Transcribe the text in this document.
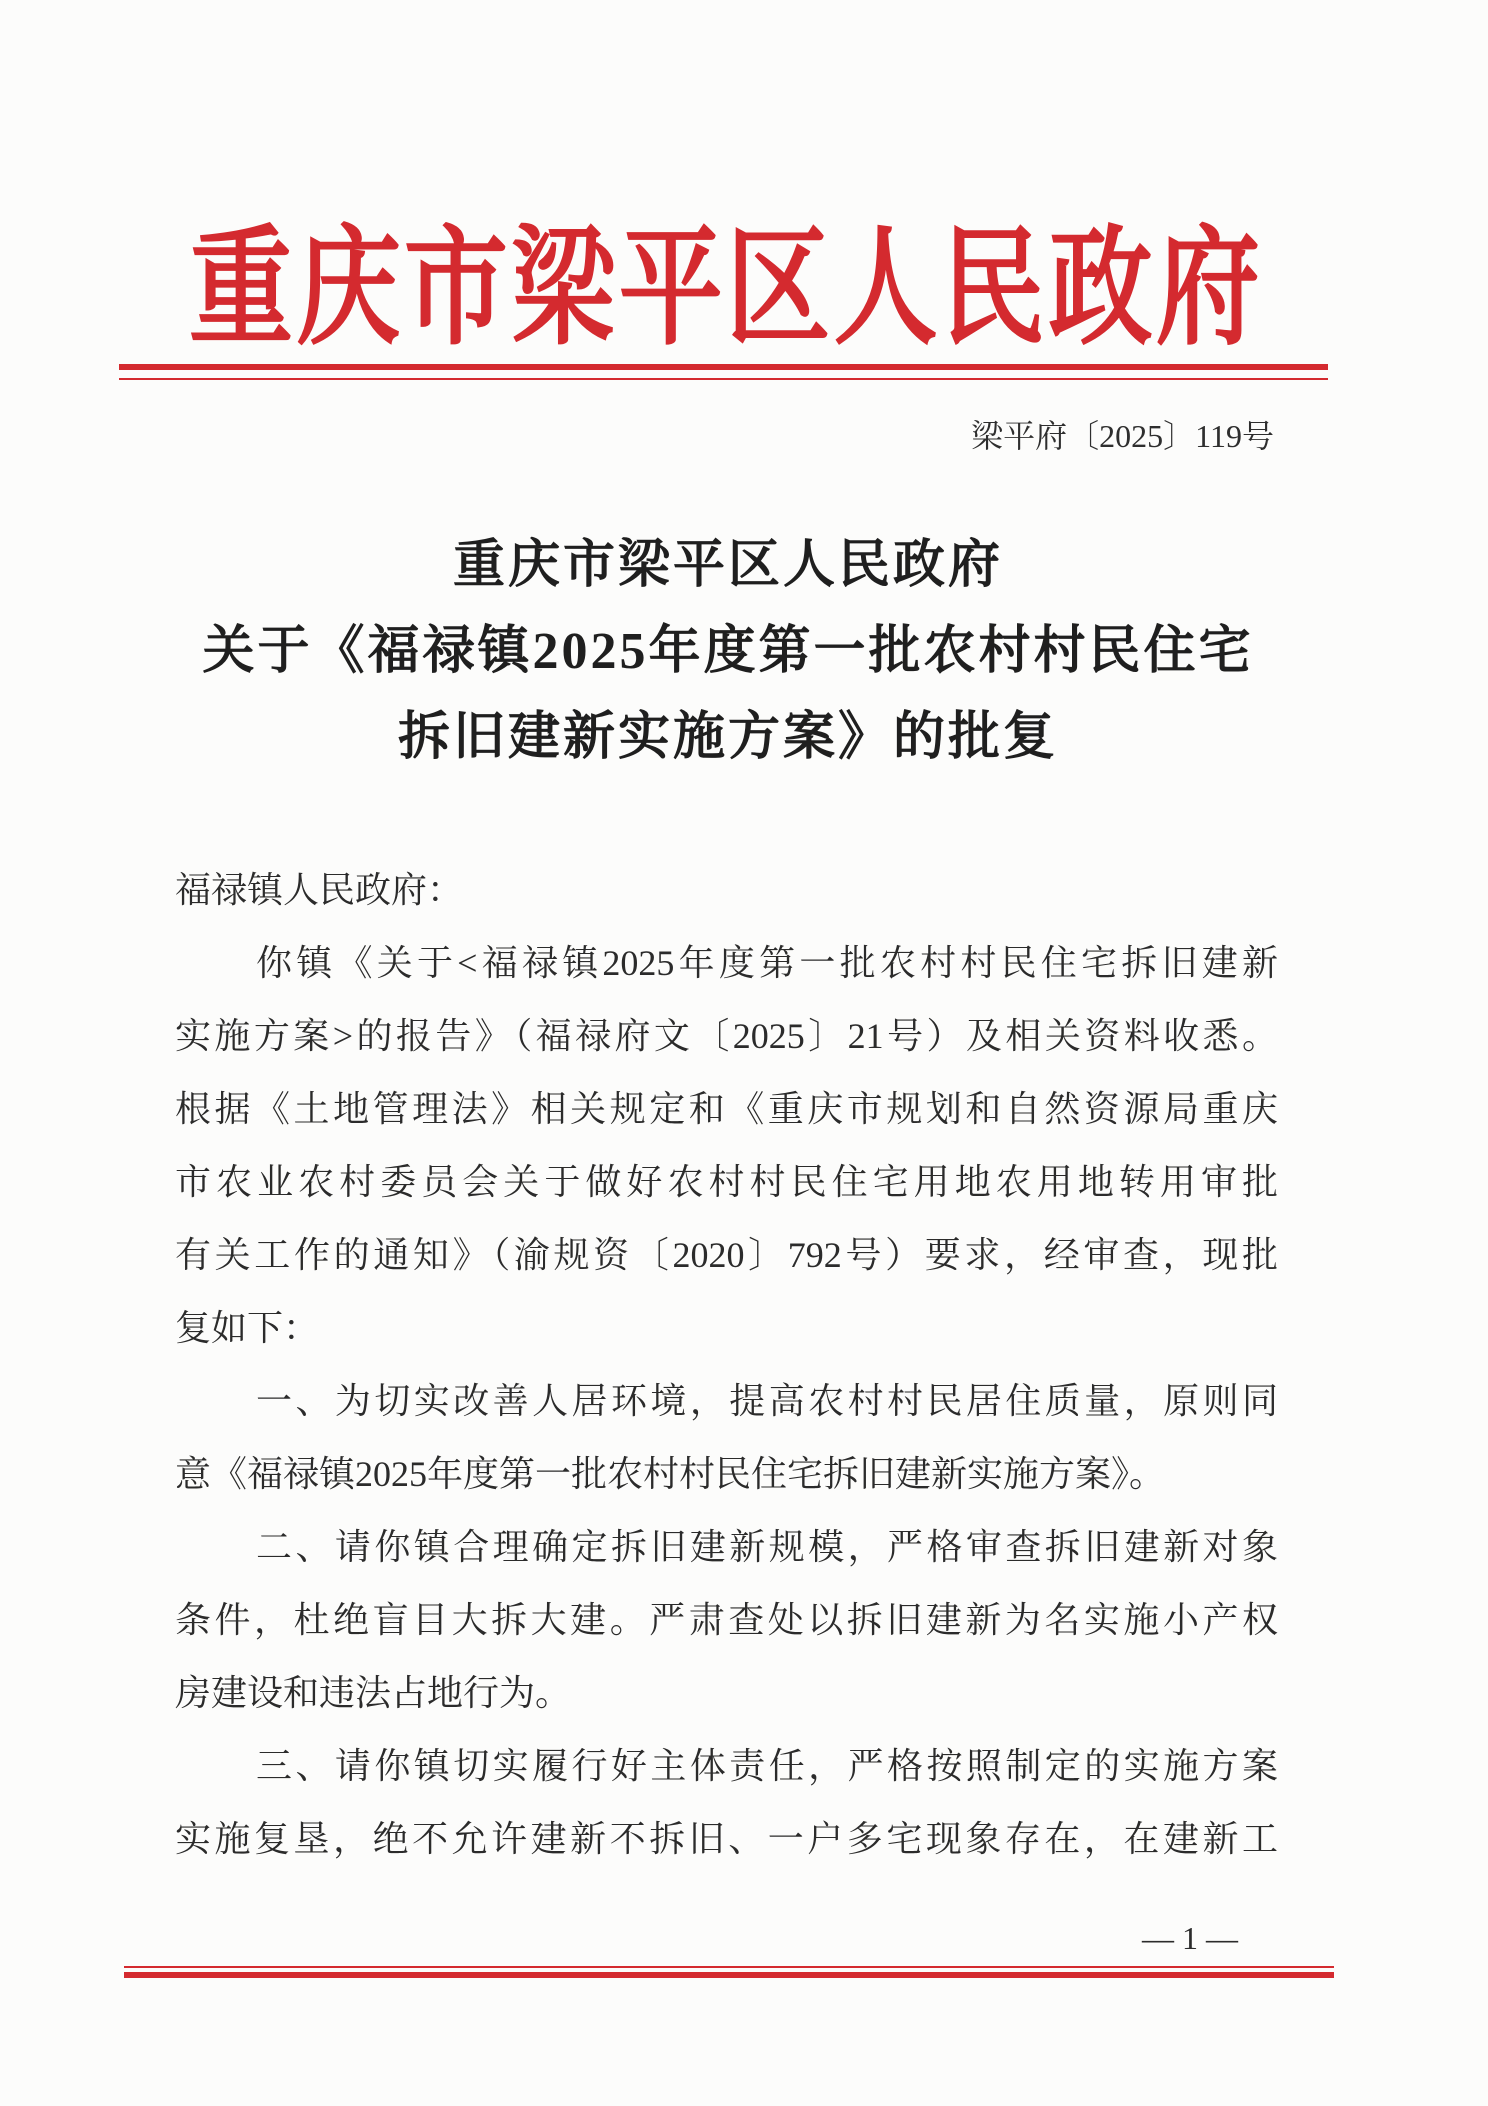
重庆市梁平区人民政府
梁平府〔2025〕119号
重庆市梁平区人民政府
关于《福禄镇2025年度第一批农村村民住宅
拆旧建新实施方案》的批复
福禄镇人民政府：
你镇《关于<福禄镇2025年度第一批农村村民住宅拆旧建新
实施方案>的报告》（福禄府文〔2025〕21号）及相关资料收悉。
根据《土地管理法》相关规定和《重庆市规划和自然资源局重庆
市农业农村委员会关于做好农村村民住宅用地农用地转用审批
有关工作的通知》（渝规资〔2020〕792号）要求，经审查，现批
复如下：
一、为切实改善人居环境，提高农村村民居住质量，原则同
意《福禄镇2025年度第一批农村村民住宅拆旧建新实施方案》。
二、请你镇合理确定拆旧建新规模，严格审查拆旧建新对象
条件，杜绝盲目大拆大建。严肃查处以拆旧建新为名实施小产权
房建设和违法占地行为。
三、请你镇切实履行好主体责任，严格按照制定的实施方案
实施复垦，绝不允许建新不拆旧、一户多宅现象存在，在建新工
— 1 —
